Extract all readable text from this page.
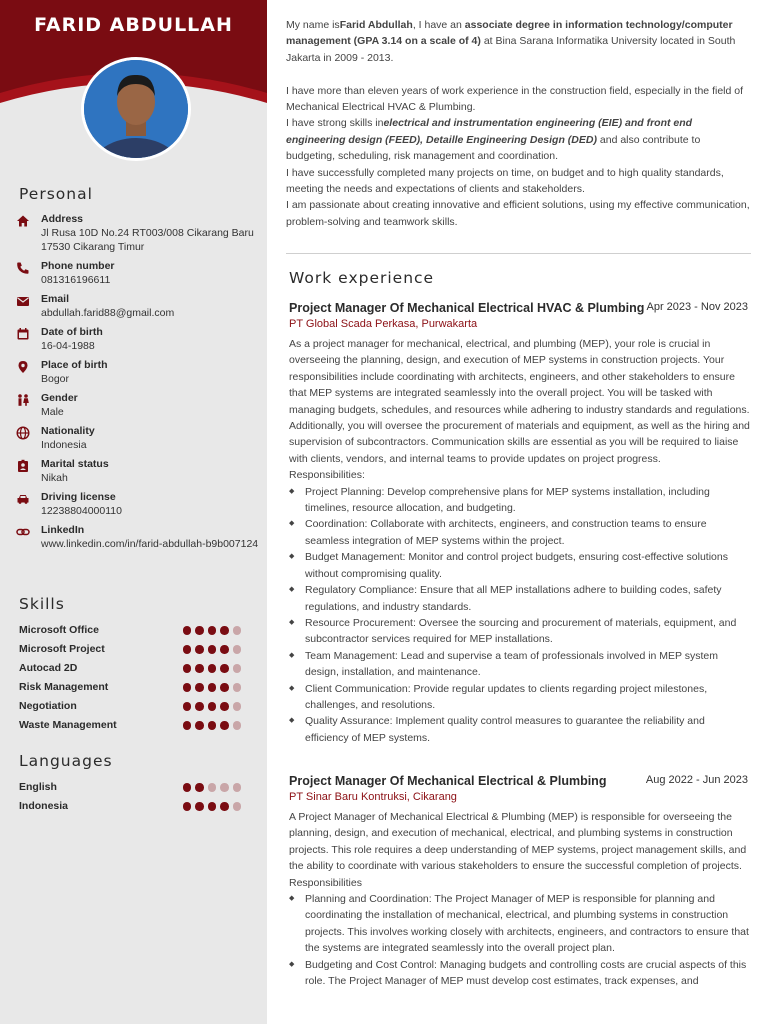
FARID ABDULLAH
Personal
Address
Jl Rusa 10D No.24 RT003/008 Cikarang Baru 17530 Cikarang Timur
Phone number
081316196611
Email
abdullah.farid88@gmail.com
Date of birth
16-04-1988
Place of birth
Bogor
Gender
Male
Nationality
Indonesia
Marital status
Nikah
Driving license
12238804000110
LinkedIn
www.linkedin.com/in/farid-abdullah-b9b007124
Skills
Microsoft Office
Microsoft Project
Autocad 2D
Risk Management
Negotiation
Waste Management
Languages
English
Indonesia

My name isFarid Abdullah, I have an associate degree in information technology/computer management (GPA 3.14 on a scale of 4) at Bina Sarana Informatika University located in South Jakarta in 2009 - 2013.

I have more than eleven years of work experience in the construction field, especially in the field of Mechanical Electrical HVAC & Plumbing.

I have strong skills inelectrical and instrumentation engineering (EIE) and front end engineering design (FEED), Detaille Engineering Design (DED) and also contribute to budgeting, scheduling, risk management and coordination.

I have successfully completed many projects on time, on budget and to high quality standards, meeting the needs and expectations of clients and stakeholders.

I am passionate about creating innovative and efficient solutions, using my effective communication, problem-solving and teamwork skills.

Work experience
Project Manager Of Mechanical Electrical HVAC & Plumbing Apr 2023 - Nov 2023
PT Global Scada Perkasa, Purwakarta
As a project manager for mechanical, electrical, and plumbing (MEP), your role is crucial in overseeing the planning, design, and execution of MEP systems in construction projects. Your responsibilities include coordinating with architects, engineers, and other stakeholders to ensure that MEP systems are integrated seamlessly into the overall project. You will be tasked with managing budgets, schedules, and resources while adhering to industry standards and regulations. Additionally, you will oversee the procurement of materials and equipment, as well as the hiring and supervision of subcontractors. Communication skills are essential as you will be required to liaise with clients, vendors, and internal teams to provide updates on project progress.
Responsibilities:
◆ Project Planning: Develop comprehensive plans for MEP systems installation, including timelines, resource allocation, and budgeting.
◆ Coordination: Collaborate with architects, engineers, and construction teams to ensure seamless integration of MEP systems within the project.
◆ Budget Management: Monitor and control project budgets, ensuring cost-effective solutions without compromising quality.
◆ Regulatory Compliance: Ensure that all MEP installations adhere to building codes, safety regulations, and industry standards.
◆ Resource Procurement: Oversee the sourcing and procurement of materials, equipment, and subcontractor services required for MEP installations.
◆ Team Management: Lead and supervise a team of professionals involved in MEP system design, installation, and maintenance.
◆ Client Communication: Provide regular updates to clients regarding project milestones, challenges, and resolutions.
◆ Quality Assurance: Implement quality control measures to guarantee the reliability and efficiency of MEP systems.
Project Manager Of Mechanical Electrical & Plumbing	Aug 2022 - Jun 2023
PT Sinar Baru Kontruksi, Cikarang
A Project Manager of Mechanical Electrical & Plumbing (MEP) is responsible for overseeing the planning, design, and execution of mechanical, electrical, and plumbing systems in construction projects. This role requires a deep understanding of MEP systems, project management skills, and the ability to coordinate with various stakeholders to ensure the successful completion of projects.
Responsibilities
◆ Planning and Coordination: The Project Manager of MEP is responsible for planning and coordinating the installation of mechanical, electrical, and plumbing systems in construction projects. This involves working closely with architects, engineers, and contractors to ensure that the systems are integrated seamlessly into the overall project plan.
◆ Budgeting and Cost Control: Managing budgets and controlling costs are crucial aspects of this role. The Project Manager of MEP must develop cost estimates, track expenses, and
